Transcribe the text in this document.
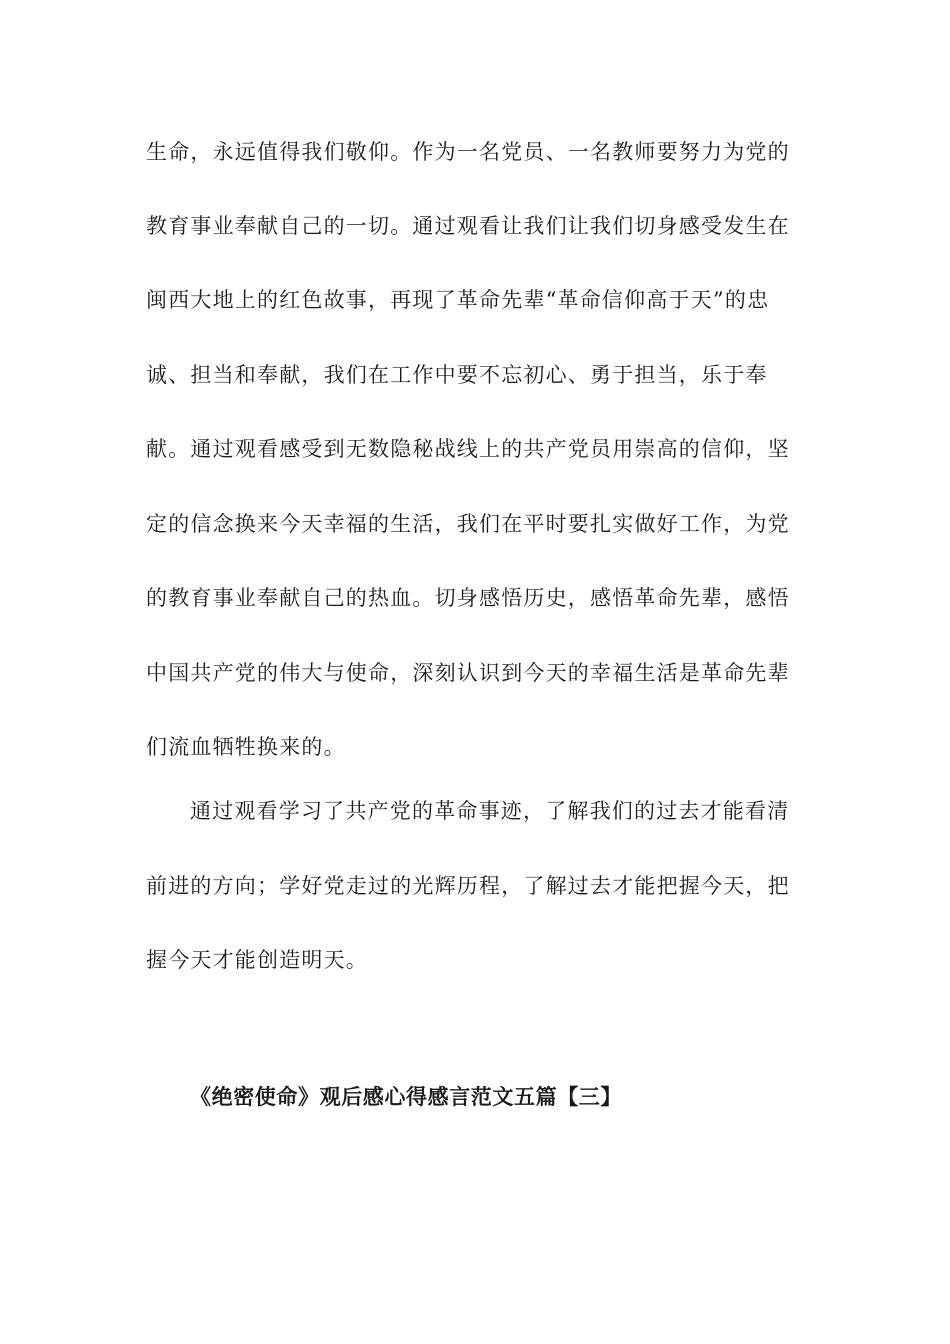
生命，永远值得我们敬仰。作为一名党员、一名教师要努力为党的
教育事业奉献自己的一切。通过观看让我们让我们切身感受发生在
闽西大地上的红色故事，再现了革命先辈“革命信仰高于天”的忠
诚、担当和奉献，我们在工作中要不忘初心、勇于担当，乐于奉
献。通过观看感受到无数隐秘战线上的共产党员用崇高的信仰，坚
定的信念换来今天幸福的生活，我们在平时要扎实做好工作，为党
的教育事业奉献自己的热血。切身感悟历史，感悟革命先辈，感悟
中国共产党的伟大与使命，深刻认识到今天的幸福生活是革命先辈
们流血牺牲换来的。
通过观看学习了共产党的革命事迹，了解我们的过去才能看清
前进的方向；学好党走过的光辉历程，了解过去才能把握今天，把
握今天才能创造明天。
《绝密使命》观后感心得感言范文五篇【三】
